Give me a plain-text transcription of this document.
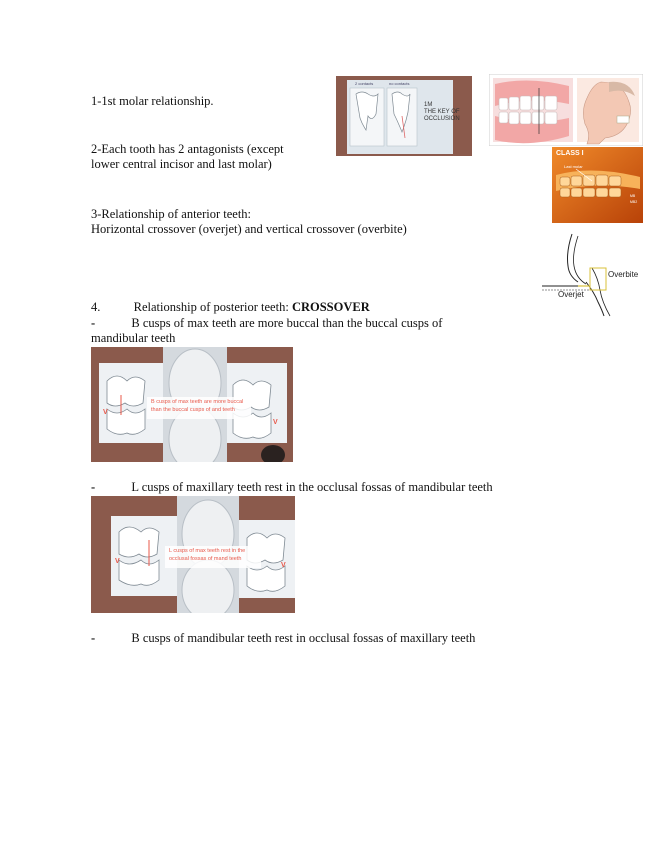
1-1st molar relationship.
2-Each tooth has 2 antagonists (except
lower central incisor and last molar)
3-Relationship of anterior teeth:
Horizontal crossover (overjet) and vertical crossover (overbite)
4.	Relationship of posterior teeth: CROSSOVER
-	B cusps of max teeth are more buccal than the buccal cusps of
mandibular teeth
-	L cusps of maxillary teeth rest in the occlusal fossas of mandibular teeth
-	B cusps of mandibular teeth rest in occlusal fossas of maxillary teeth
2 contacts	no contacts
1M
THE KEY OF
OCCLUSION
CLASS I
Last molar
MB
MB2
Overbite
Overjet
B cusps of max teeth are more buccal
than the buccal cusps of and teeth
V
V
L cusps of max teeth rest in the
occlusal fossas of mand teeth
V
V
